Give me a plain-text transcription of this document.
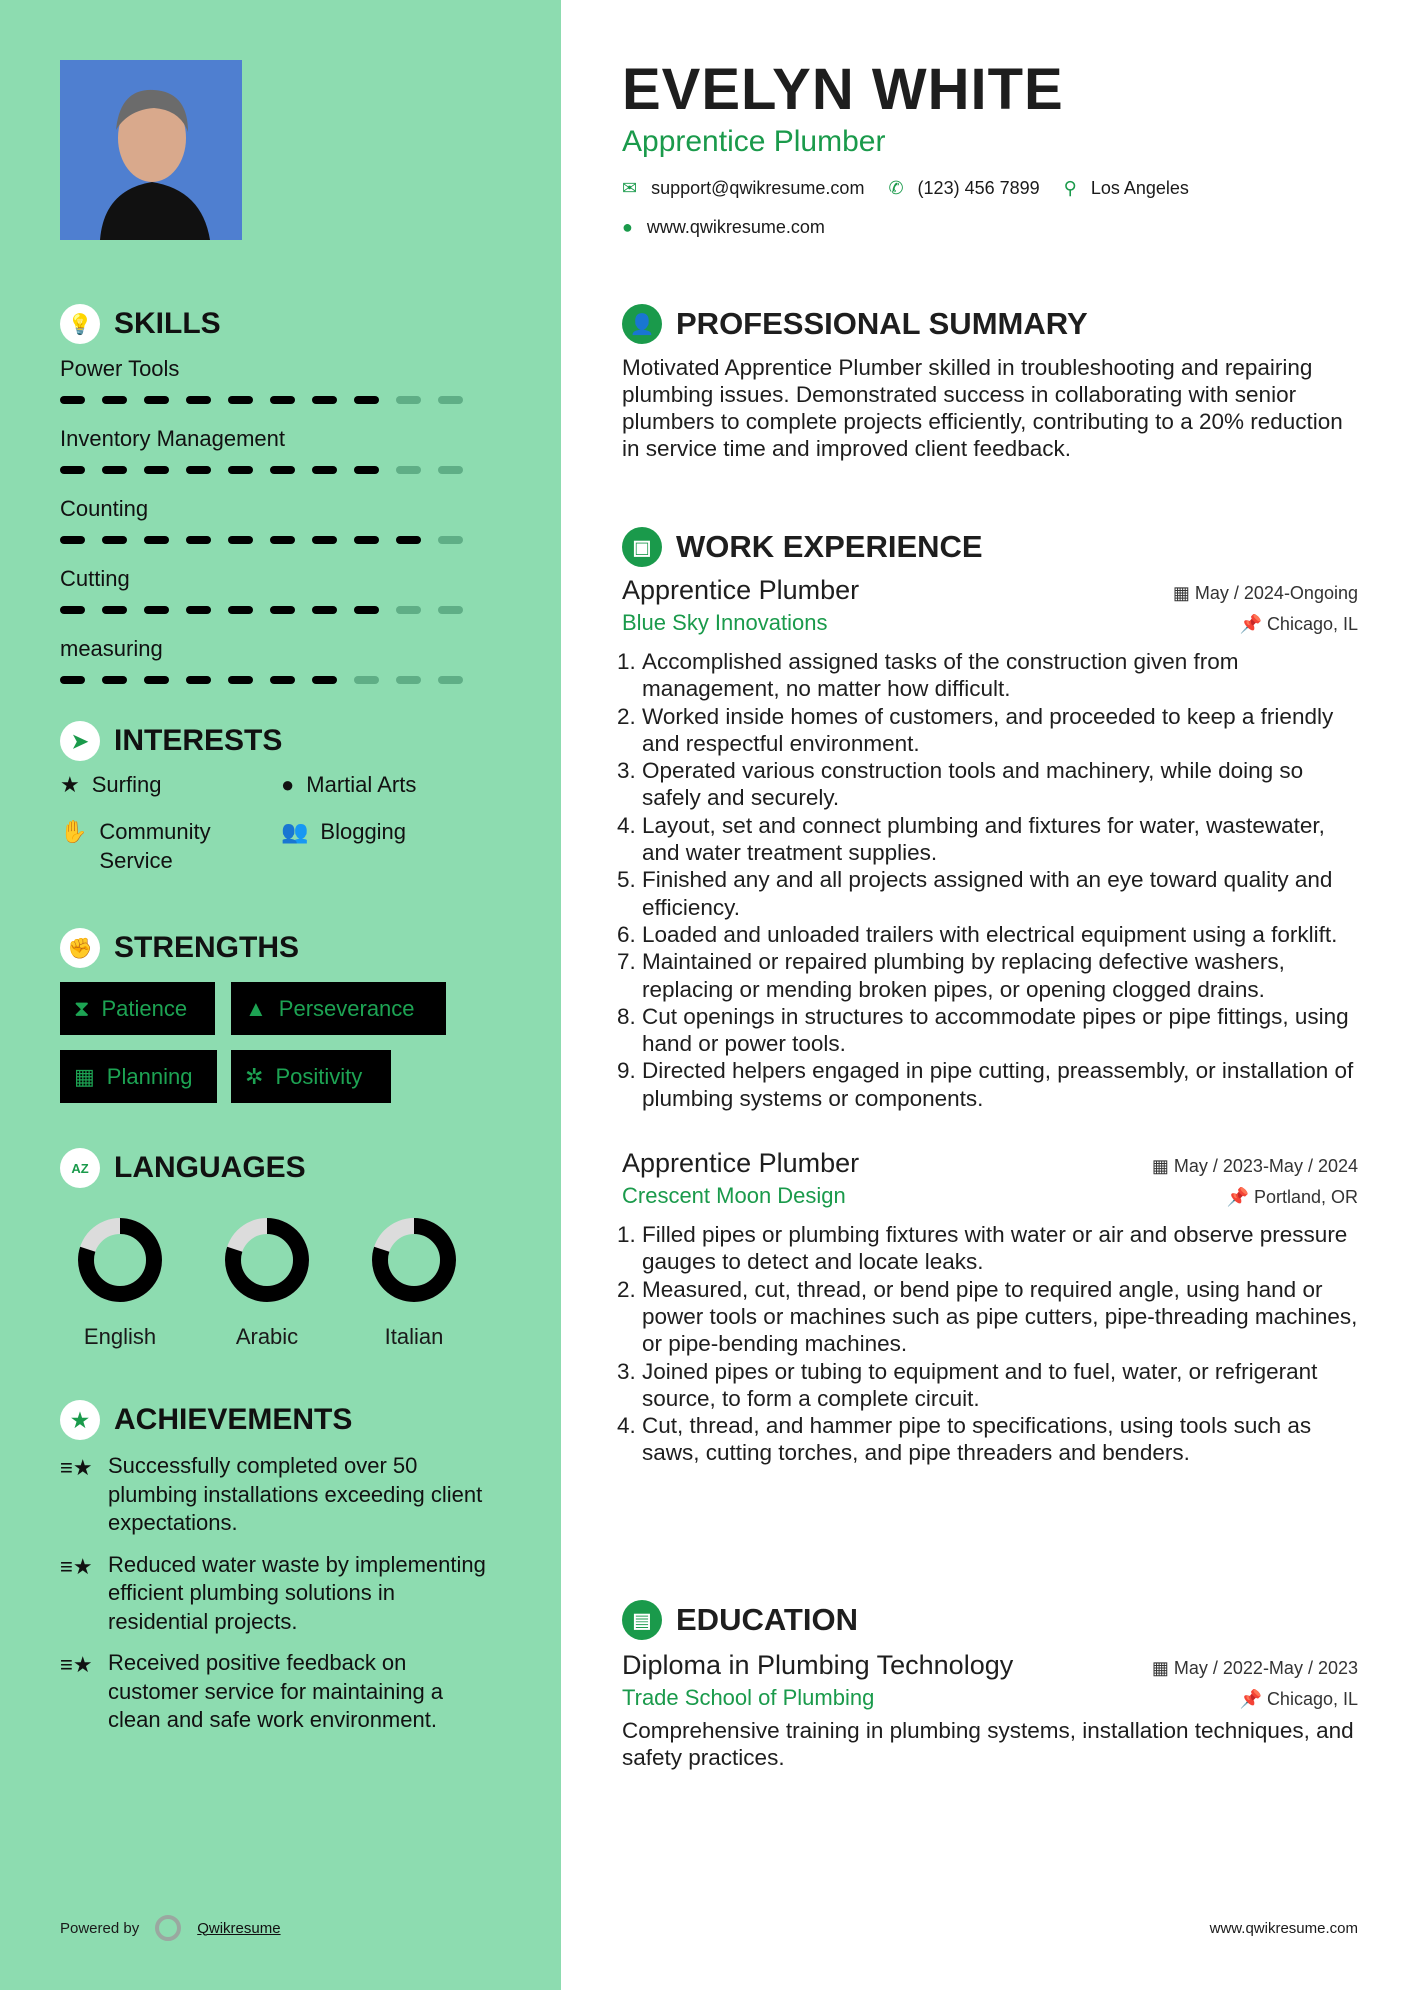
💡 SKILLS
Power Tools
Inventory Management
Counting
Cutting
measuring
➤ INTERESTS
★ Surfing	● Martial Arts
✋ Community Service
👥 Blogging
✊ STRENGTHS
⧗ Patience	▲ Perseverance
▦ Planning ✲ Positivity
AZ LANGUAGES
English	Arabic	Italian
★ ACHIEVEMENTS
≡★ Successfully completed over 50 plumbing installations exceeding client expectations.
≡★ Reduced water waste by implementing efficient plumbing solutions in residential projects.
≡★ Received positive feedback on customer service for maintaining a clean and safe work environment.
Powered by	Qwikresume
EVELYN WHITE
Apprentice Plumber
✉ support@qwikresume.com ✆ (123) 456 7899 ⚲ Los Angeles
● www.qwikresume.com
👤 PROFESSIONAL SUMMARY

Motivated Apprentice Plumber skilled in troubleshooting and repairing plumbing issues. Demonstrated success in collaborating with senior plumbers to complete projects efficiently, contributing to a 20% reduction in service time and improved client feedback.

▣ WORK EXPERIENCE
Apprentice Plumber	▦ May / 2024-Ongoing
Blue Sky Innovations	📌 Chicago, IL
1. Accomplished assigned tasks of the construction given from management, no matter how difficult.
2. Worked inside homes of customers, and proceeded to keep a friendly and respectful environment.
3. Operated various construction tools and machinery, while doing so safely and securely.
4. Layout, set and connect plumbing and fixtures for water, wastewater, and water treatment supplies.
5. Finished any and all projects assigned with an eye toward quality and efficiency.
6. Loaded and unloaded trailers with electrical equipment using a forklift.
7. Maintained or repaired plumbing by replacing defective washers, replacing or mending broken pipes, or opening clogged drains.
8. Cut openings in structures to accommodate pipes or pipe fittings, using hand or power tools.
9. Directed helpers engaged in pipe cutting, preassembly, or installation of plumbing systems or components.
Apprentice Plumber	▦ May / 2023-May / 2024
Crescent Moon Design	📌 Portland, OR
1. Filled pipes or plumbing fixtures with water or air and observe pressure gauges to detect and locate leaks.
2. Measured, cut, thread, or bend pipe to required angle, using hand or power tools or machines such as pipe cutters, pipe-threading machines, or pipe-bending machines.
3. Joined pipes or tubing to equipment and to fuel, water, or refrigerant source, to form a complete circuit.
4. Cut, thread, and hammer pipe to specifications, using tools such as saws, cutting torches, and pipe threaders and benders.
▤ EDUCATION
Diploma in Plumbing Technology	▦ May / 2022-May / 2023
Trade School of Plumbing	📌 Chicago, IL

Comprehensive training in plumbing systems, installation techniques, and safety practices.

www.qwikresume.com
